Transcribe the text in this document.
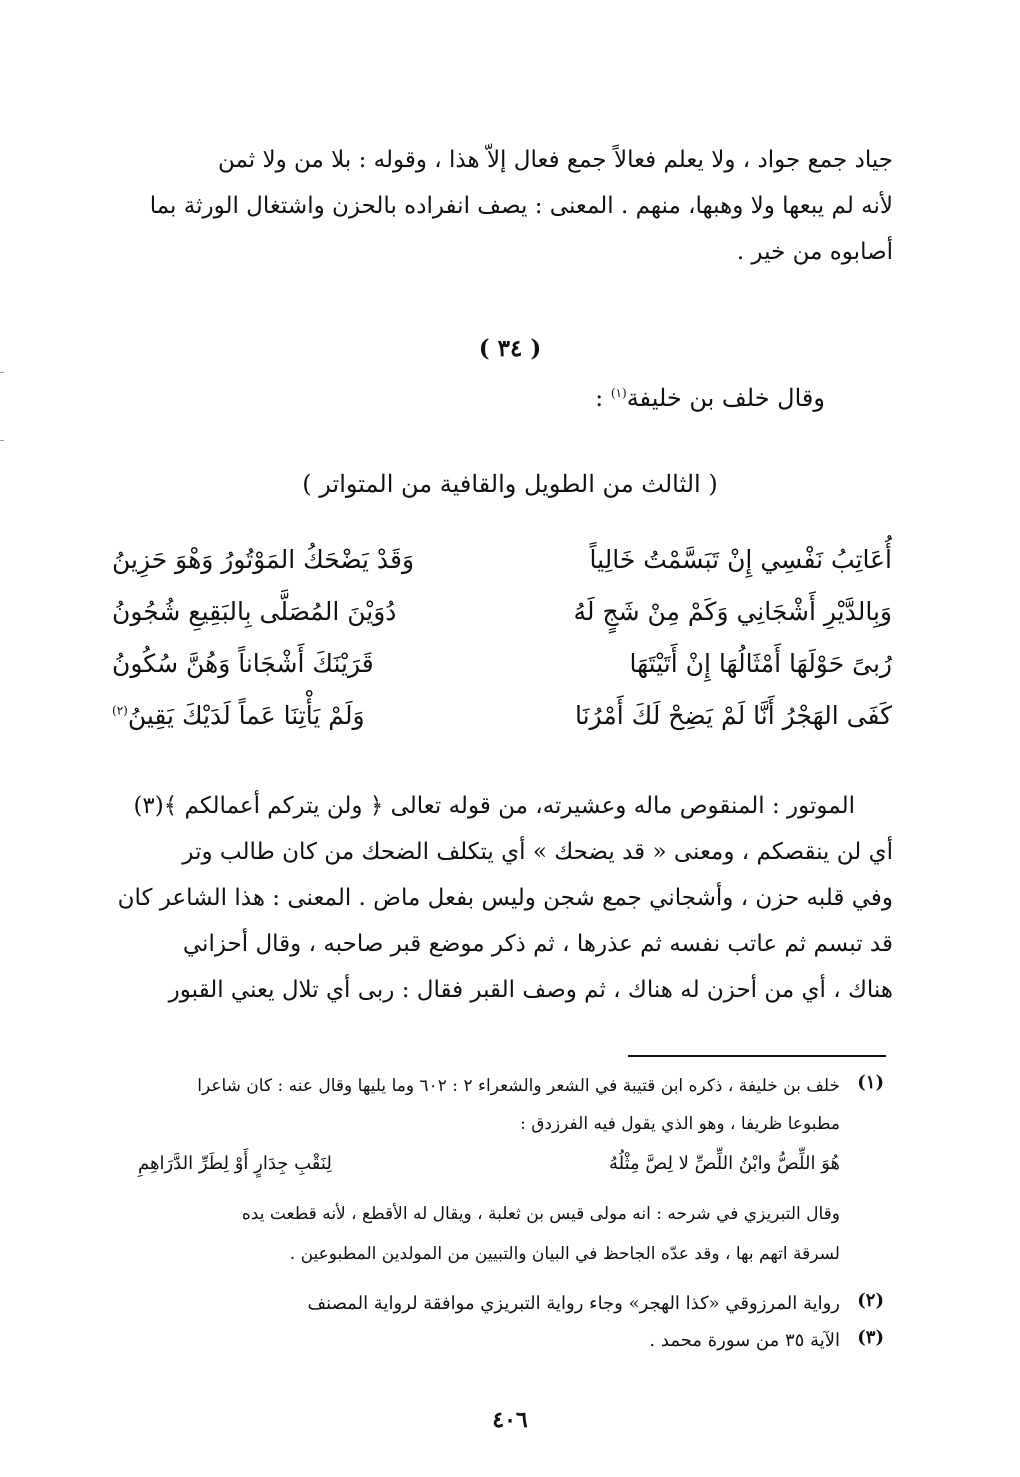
جياد جمع جواد ، ولا يعلم فعالاً جمع فعال إلاّ هذا ، وقوله : بلا من ولا ثمن
لأنه لم يبعها ولا وهبها، منهم . المعنى : يصف انفراده بالحزن واشتغال الورثة بما
أصابوه من خير .
( ٣٤ )
وقال خلف بن خليفة$^{(١)}$ :
( الثالث من الطويل والقافية من المتواتر )
أُعَاتِبُ نَفْسِي إِنْ تَبَسَّمْتُ خَالِياً
وَقَدْ يَضْحَكُ المَوْتُورُ وَهْوَ حَزِينُ
وَبِالدَّيْرِ أَشْجَانِي وَكَمْ مِنْ شَجٍ لَهُ
دُوَيْنَ المُصَلَّى بِالبَقِيعِ شُجُونُ
رُبىً حَوْلَهَا أَمْثَالُهَا إِنْ أَتَيْتَهَا
قَرَيْنَكَ أَشْجَاناً وَهُنَّ سُكُونُ
كَفَى الهَجْرُ أَنَّا لَمْ يَضِحْ لَكَ أَمْرُنَا
وَلَمْ يَأْتِنَا عَماً لَدَيْكَ يَقِينُ$^{(٢)}$
الموتور : المنقوص ماله وعشيرته، من قوله تعالى ﴿ ولن يتركم أعمالكم ﴾(٣)
أي لن ينقصكم ، ومعنى « قد يضحك » أي يتكلف الضحك من كان طالب وتر
وفي قلبه حزن ، وأشجاني جمع شجن وليس بفعل ماض . المعنى : هذا الشاعر كان
قد تبسم ثم عاتب نفسه ثم عذرها ، ثم ذكر موضع قبر صاحبه ، وقال أحزاني
هناك ، أي من أحزن له هناك ، ثم وصف القبر فقال : ربى أي تلال يعني القبور
(١)
خلف بن خليفة ، ذكره ابن قتيبة في الشعر والشعراء ٢ : ٦٠٢ وما يليها وقال عنه : كان شاعرا
مطبوعا ظريفا ، وهو الذي يقول فيه الفرزدق :
هُوَ اللِّصُّ وابْنُ اللِّصِّ لا لِصَّ مِثْلُهُ
لِنَقْبِ جِدَارٍ أَوْ لِطَرِّ الدَّرَاهِمِ
وقال التبريزي في شرحه : انه مولى قيس بن ثعلبة ، ويقال له الأقطع ، لأنه قطعت يده
لسرقة اتهم بها ، وقد عدّه الجاحظ في البيان والتبيين من المولدين المطبوعين .
(٢)
رواية المرزوقي «كذا الهجر» وجاء رواية التبريزي موافقة لرواية المصنف
(٣)
الآية ٣٥ من سورة محمد .
٤٠٦
